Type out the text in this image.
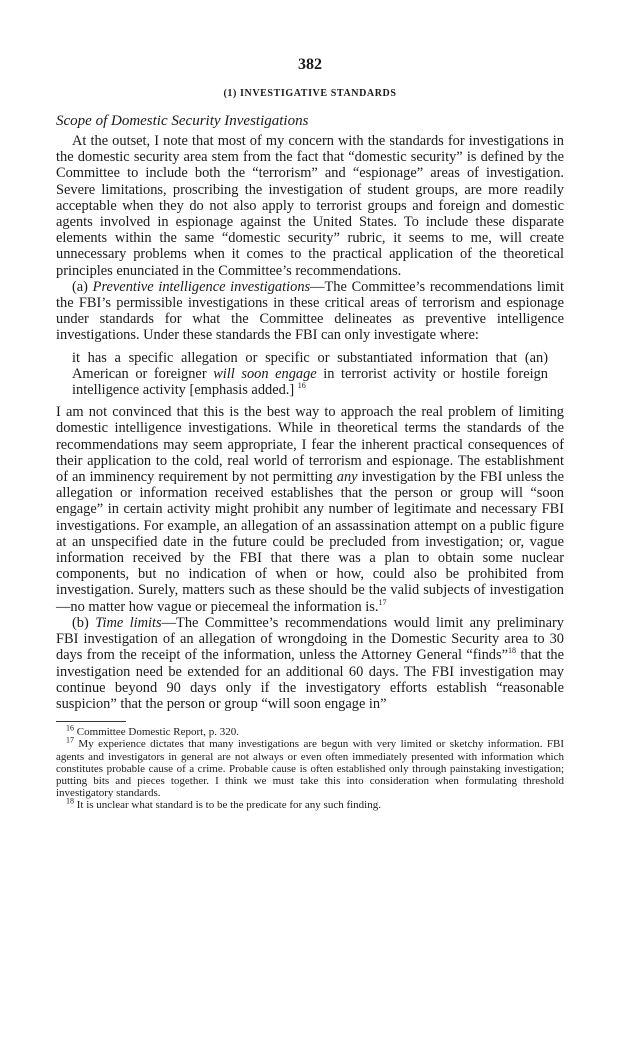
382
(1) INVESTIGATIVE STANDARDS
Scope of Domestic Security Investigations

At the outset, I note that most of my concern with the standards for investigations in the domestic security area stem from the fact that “domestic security” is defined by the Committee to include both the “terrorism” and “espionage” areas of investigation. Severe limitations, proscribing the investigation of student groups, are more readily acceptable when they do not also apply to terrorist groups and foreign and domestic agents involved in espionage against the United States. To include these disparate elements within the same “domestic security” rubric, it seems to me, will create unnecessary problems when it comes to the practical application of the theoretical principles enunciated in the Committee’s recommendations.

(a) Preventive intelligence investigations—The Committee’s recommendations limit the FBI’s permissible investigations in these critical areas of terrorism and espionage under standards for what the Committee delineates as preventive intelligence investigations. Under these standards the FBI can only investigate where:

it has a specific allegation or specific or substantiated information that (an) American or foreigner will soon engage in terrorist activity or hostile foreign intelligence activity [emphasis added.] $^{16}$

I am not convinced that this is the best way to approach the real problem of limiting domestic intelligence investigations. While in theoretical terms the standards of the recommendations may seem appropriate, I fear the inherent practical consequences of their application to the cold, real world of terrorism and espionage. The establishment of an imminency requirement by not permitting any investigation by the FBI unless the allegation or information received establishes that the person or group will “soon engage” in certain activity might prohibit any number of legitimate and necessary FBI investigations. For example, an allegation of an assassination attempt on a public figure at an unspecified date in the future could be precluded from investigation; or, vague information received by the FBI that there was a plan to obtain some nuclear components, but no indication of when or how, could also be prohibited from investigation. Surely, matters such as these should be the valid subjects of investigation—no matter how vague or piecemeal the information is.$^{17}$

(b) Time limits—The Committee’s recommendations would limit any preliminary FBI investigation of an allegation of wrongdoing in the Domestic Security area to 30 days from the receipt of the information, unless the Attorney General “finds”$^{18}$ that the investigation need be extended for an additional 60 days. The FBI investigation may continue beyond 90 days only if the investigatory efforts establish “reasonable suspicion” that the person or group “will soon engage in”

$^{16}$ Committee Domestic Report, p. 320.

$^{17}$ My experience dictates that many investigations are begun with very limited or sketchy information. FBI agents and investigators in general are not always or even often immediately presented with information which constitutes probable cause of a crime. Probable cause is often established only through painstaking investigation; putting bits and pieces together. I think we must take this into consideration when formulating threshold investigatory standards.

$^{18}$ It is unclear what standard is to be the predicate for any such finding.
